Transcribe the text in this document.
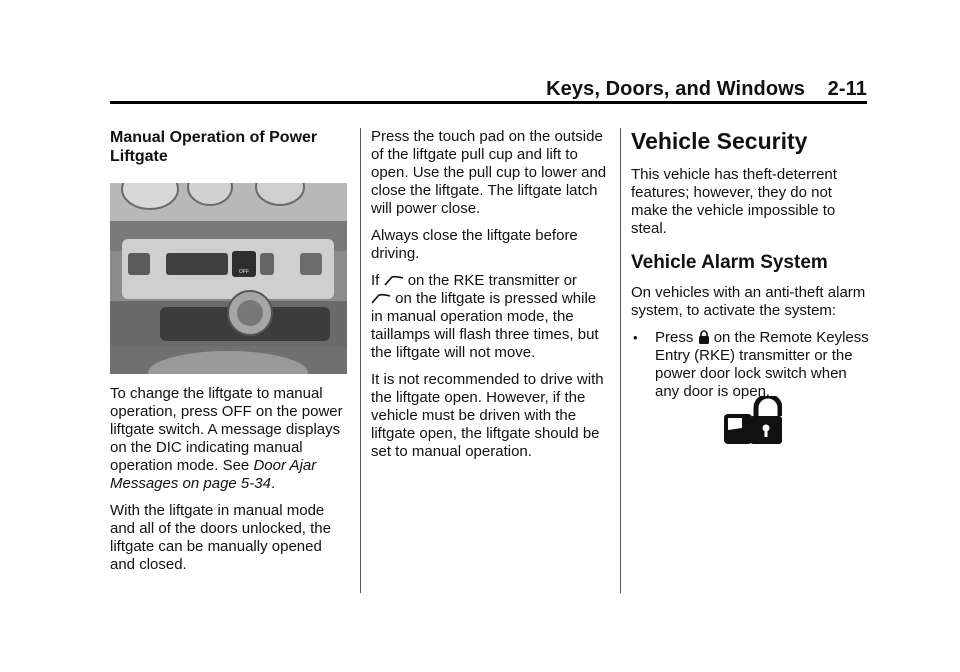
Keys, Doors, and Windows    2-11
Manual Operation of Power Liftgate
OFF

To change the liftgate to manual operation, press OFF on the power liftgate switch. A message displays on the DIC indicating manual operation mode. See Door Ajar Messages on page 5-34.

With the liftgate in manual mode and all of the doors unlocked, the liftgate can be manually opened and closed.

Press the touch pad on the outside of the liftgate pull cup and lift to open. Use the pull cup to lower and close the liftgate. The liftgate latch will power close.

Always close the liftgate before driving.

If on the RKE transmitter or
on the liftgate is pressed while in manual operation mode, the taillamps will flash three times, but the liftgate will not move.

It is not recommended to drive with the liftgate open. However, if the vehicle must be driven with the liftgate open, the liftgate should be set to manual operation.

Vehicle Security

This vehicle has theft-deterrent features; however, they do not make the vehicle impossible to steal.

Vehicle Alarm System

On vehicles with an anti-theft alarm system, to activate the system:

•	Press on the Remote Keyless Entry (RKE) transmitter or the power door lock switch when any door is open.
